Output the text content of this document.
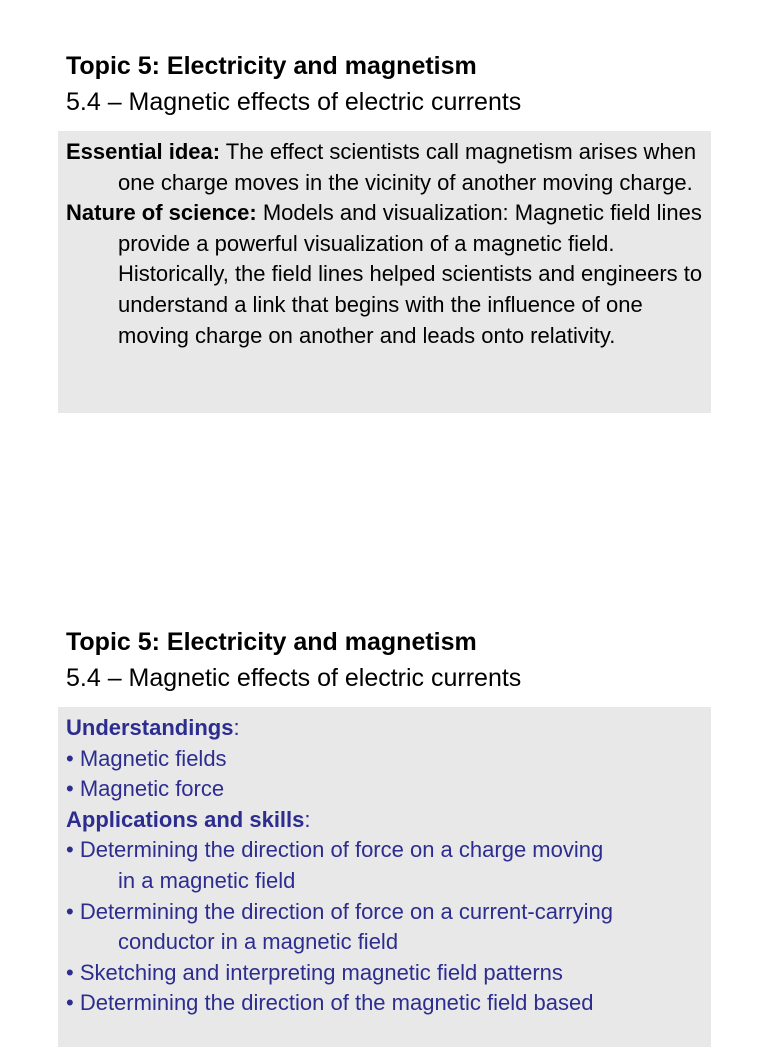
Topic 5: Electricity and magnetism
5.4 – Magnetic effects of electric currents

Essential idea: The effect scientists call magnetism arises when one charge moves in the vicinity of another moving charge.

Nature of science: Models and visualization: Magnetic field lines provide a powerful visualization of a magnetic field. Historically, the field lines helped scientists and engineers to understand a link that begins with the influence of one moving charge on another and leads onto relativity.

Topic 5: Electricity and magnetism
5.4 – Magnetic effects of electric currents

Understandings:

• Magnetic fields

• Magnetic force

Applications and skills:

• Determining the direction of force on a charge moving

in a magnetic field

• Determining the direction of force on a current-carrying

conductor in a magnetic field

• Sketching and interpreting magnetic field patterns

• Determining the direction of the magnetic field based
